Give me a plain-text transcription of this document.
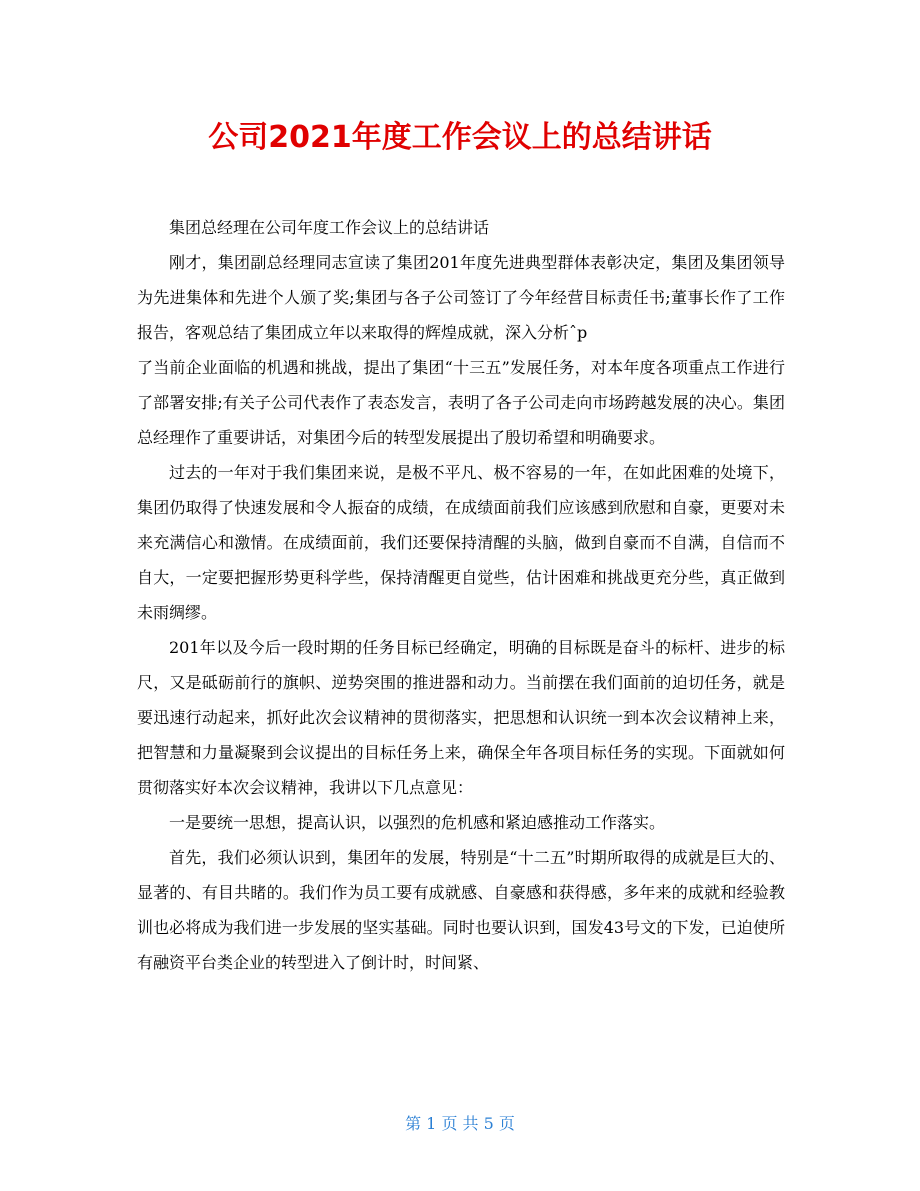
公司2021年度工作会议上的总结讲话

集团总经理在公司年度工作会议上的总结讲话

刚才，集团副总经理同志宣读了集团201年度先进典型群体表彰决定，集团及集团领导为先进集体和先进个人颁了奖;集团与各子公司签订了今年经营目标责任书;董事长作了工作报告，客观总结了集团成立年以来取得的辉煌成就，深入分析ˆp

了当前企业面临的机遇和挑战，提出了集团“十三五”发展任务，对本年度各项重点工作进行了部署安排;有关子公司代表作了表态发言，表明了各子公司走向市场跨越发展的决心。集团总经理作了重要讲话，对集团今后的转型发展提出了殷切希望和明确要求。

过去的一年对于我们集团来说，是极不平凡、极不容易的一年，在如此困难的处境下，集团仍取得了快速发展和令人振奋的成绩，在成绩面前我们应该感到欣慰和自豪，更要对未来充满信心和激情。在成绩面前，我们还要保持清醒的头脑，做到自豪而不自满，自信而不自大，一定要把握形势更科学些，保持清醒更自觉些，估计困难和挑战更充分些，真正做到未雨绸缪。

201年以及今后一段时期的任务目标已经确定，明确的目标既是奋斗的标杆、进步的标尺，又是砥砺前行的旗帜、逆势突围的推进器和动力。当前摆在我们面前的迫切任务，就是要迅速行动起来，抓好此次会议精神的贯彻落实，把思想和认识统一到本次会议精神上来，把智慧和力量凝聚到会议提出的目标任务上来，确保全年各项目标任务的实现。下面就如何贯彻落实好本次会议精神，我讲以下几点意见：

一是要统一思想，提高认识，以强烈的危机感和紧迫感推动工作落实。

首先，我们必须认识到，集团年的发展，特别是“十二五”时期所取得的成就是巨大的、显著的、有目共睹的。我们作为员工要有成就感、自豪感和获得感，多年来的成就和经验教训也必将成为我们进一步发展的坚实基础。同时也要认识到，国发43号文的下发，已迫使所有融资平台类企业的转型进入了倒计时，时间紧、

第 1 页 共 5 页
